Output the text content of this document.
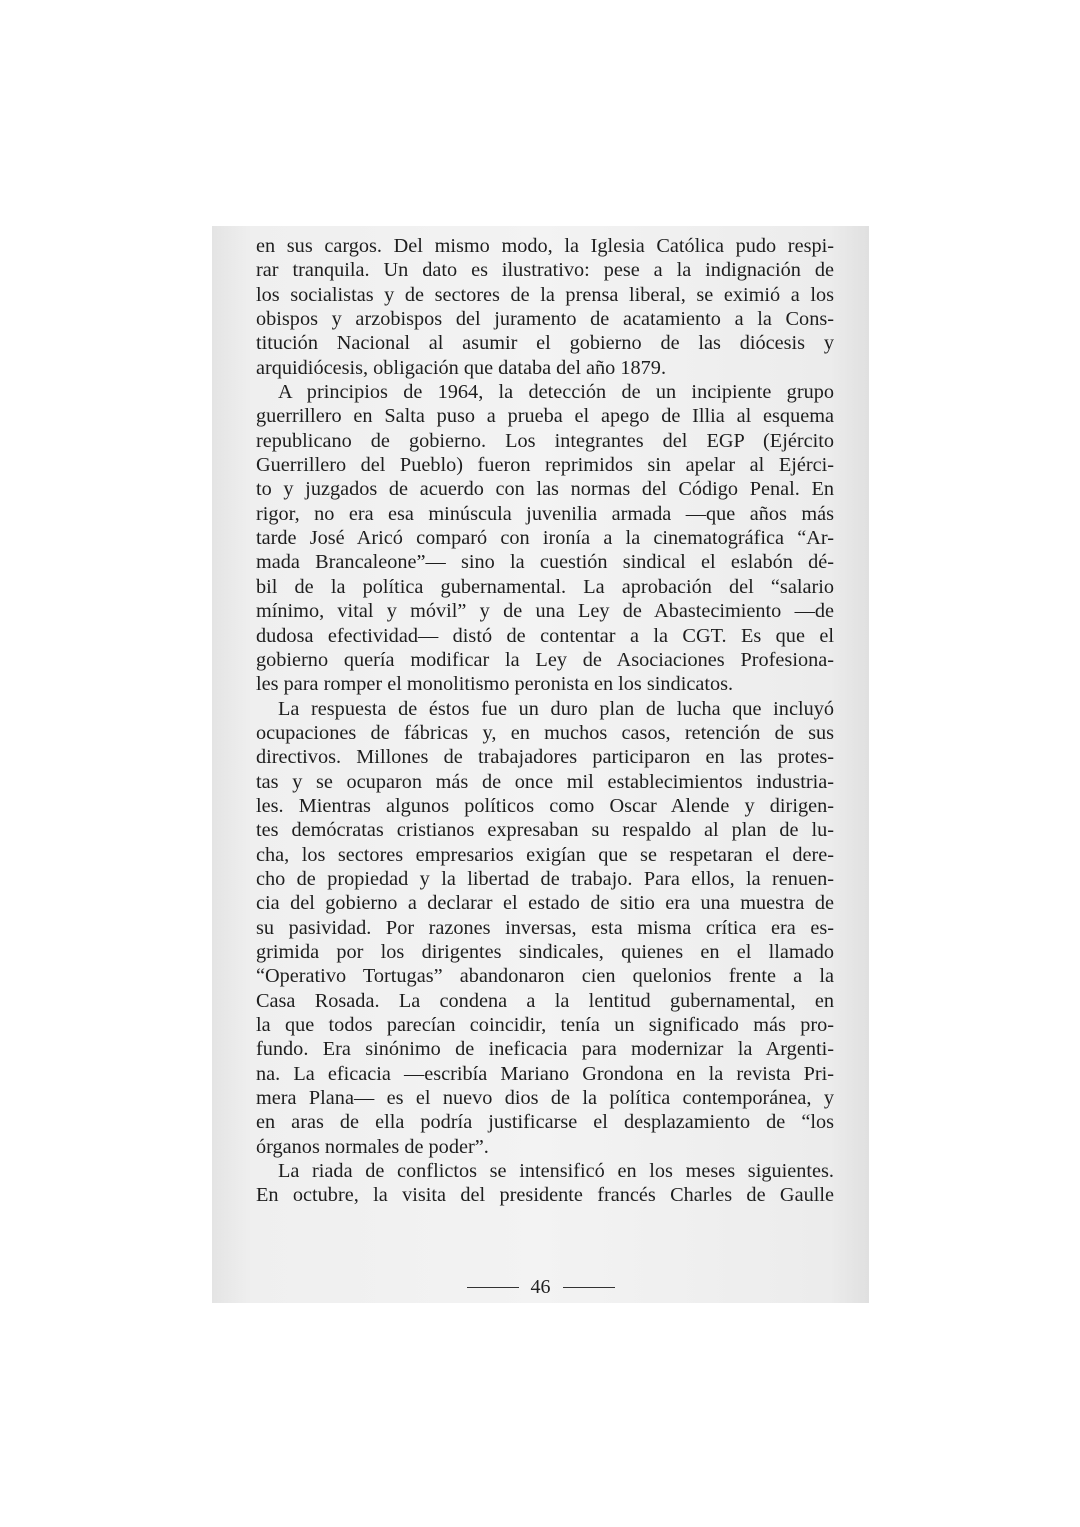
en sus cargos. Del mismo modo, la Iglesia Católica pudo respi-
rar tranquila. Un dato es ilustrativo: pese a la indignación de
los socialistas y de sectores de la prensa liberal, se eximió a los
obispos y arzobispos del juramento de acatamiento a la Cons-
titución Nacional al asumir el gobierno de las diócesis y
arquidiócesis, obligación que databa del año 1879.
A principios de 1964, la detección de un incipiente grupo
guerrillero en Salta puso a prueba el apego de Illia al esquema
republicano de gobierno. Los integrantes del EGP (Ejército
Guerrillero del Pueblo) fueron reprimidos sin apelar al Ejérci-
to y juzgados de acuerdo con las normas del Código Penal. En
rigor, no era esa minúscula juvenilia armada —que años más
tarde José Aricó comparó con ironía a la cinematográfica “Ar-
mada Brancaleone”— sino la cuestión sindical el eslabón dé-
bil de la política gubernamental. La aprobación del “salario
mínimo, vital y móvil” y de una Ley de Abastecimiento —de
dudosa efectividad— distó de contentar a la CGT. Es que el
gobierno quería modificar la Ley de Asociaciones Profesiona-
les para romper el monolitismo peronista en los sindicatos.
La respuesta de éstos fue un duro plan de lucha que incluyó
ocupaciones de fábricas y, en muchos casos, retención de sus
directivos. Millones de trabajadores participaron en las protes-
tas y se ocuparon más de once mil establecimientos industria-
les. Mientras algunos políticos como Oscar Alende y dirigen-
tes demócratas cristianos expresaban su respaldo al plan de lu-
cha, los sectores empresarios exigían que se respetaran el dere-
cho de propiedad y la libertad de trabajo. Para ellos, la renuen-
cia del gobierno a declarar el estado de sitio era una muestra de
su pasividad. Por razones inversas, esta misma crítica era es-
grimida por los dirigentes sindicales, quienes en el llamado
“Operativo Tortugas” abandonaron cien quelonios frente a la
Casa Rosada. La condena a la lentitud gubernamental, en
la que todos parecían coincidir, tenía un significado más pro-
fundo. Era sinónimo de ineficacia para modernizar la Argenti-
na. La eficacia —escribía Mariano Grondona en la revista Pri-
mera Plana— es el nuevo dios de la política contemporánea, y
en aras de ella podría justificarse el desplazamiento de “los
órganos normales de poder”.
La riada de conflictos se intensificó en los meses siguientes.
En octubre, la visita del presidente francés Charles de Gaulle
46
